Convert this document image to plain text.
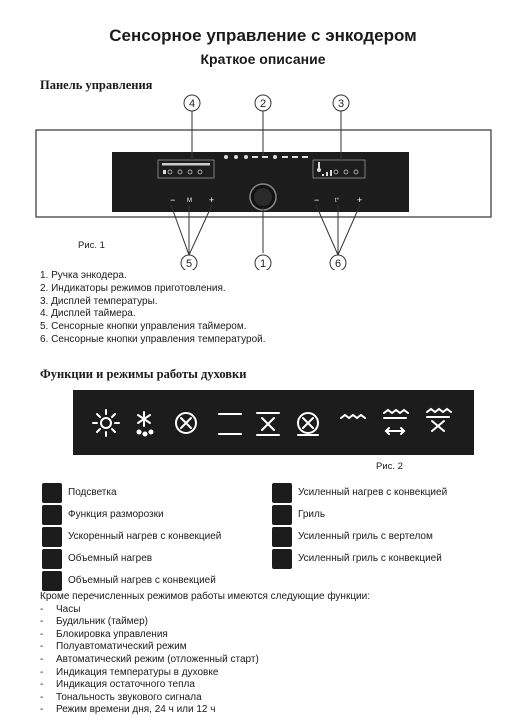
Сенсорное управление с энкодером
Краткое описание
Панель управления
− M +	−	t° +
4	2	3
1
5	6
Рис. 1
1. Ручка энкодера.
2. Индикаторы режимов приготовления.
3. Дисплей температуры.
4. Дисплей таймера.
5. Сенсорные кнопки управления таймером.
6. Сенсорные кнопки управления температурой.
Функции и режимы работы духовки
Рис. 2
Подсветка
Функция разморозки
Ускоренный нагрев с конвекцией
Объемный нагрев
Объемный нагрев с конвекцией
Усиленный нагрев с конвекцией
Гриль
Усиленный гриль с вертелом
Усиленный гриль с конвекцией
Кроме перечисленных режимов работы имеются следующие функции:
- Часы
- Будильник (таймер)
- Блокировка управления
- Полуавтоматический режим
- Автоматический режим (отложенный старт)
- Индикация температуры в духовке
- Индикация остаточного тепла
- Тональность звукового сигнала
- Режим времени дня, 24 ч или 12 ч
